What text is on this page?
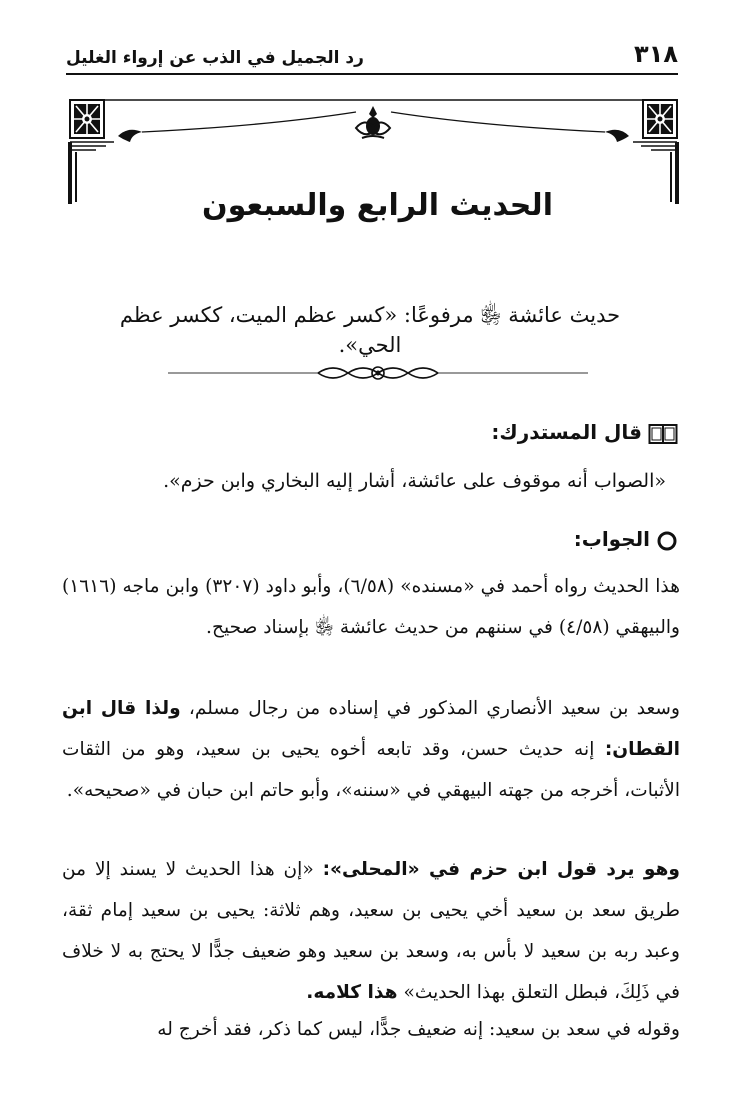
٣١٨
رد الجميل في الذب عن إرواء الغليل
الحديث الرابع والسبعون
حديث عائشة ﵂ مرفوعًا: «كسر عظم الميت، ككسر عظم الحي».
قال المستدرك:
«الصواب أنه موقوف على عائشة، أشار إليه البخاري وابن حزم».
الجواب:
هذا الحديث رواه أحمد في «مسنده» (٦/٥٨)، وأبو داود (٣٢٠٧) وابن ماجه (١٦١٦) والبيهقي (٤/٥٨) في سننهم من حديث عائشة ﵂ بإسناد صحيح.
وسعد بن سعيد الأنصاري المذكور في إسناده من رجال مسلم، ولذا قال ابن القطان: إنه حديث حسن، وقد تابعه أخوه يحيى بن سعيد، وهو من الثقات الأثبات، أخرجه من جهته البيهقي في «سننه»، وأبو حاتم ابن حبان في «صحيحه».
وهو يرد قول ابن حزم في «المحلى»: «إن هذا الحديث لا يسند إلا من طريق سعد بن سعيد أخي يحيى بن سعيد، وهم ثلاثة: يحيى بن سعيد إمام ثقة، وعبد ربه بن سعيد لا بأس به، وسعد بن سعيد وهو ضعيف جدًّا لا يحتج به لا خلاف في ذَلِكَ، فبطل التعلق بهذا الحديث» هذا كلامه.
وقوله في سعد بن سعيد: إنه ضعيف جدًّا، ليس كما ذكر، فقد أخرج له
